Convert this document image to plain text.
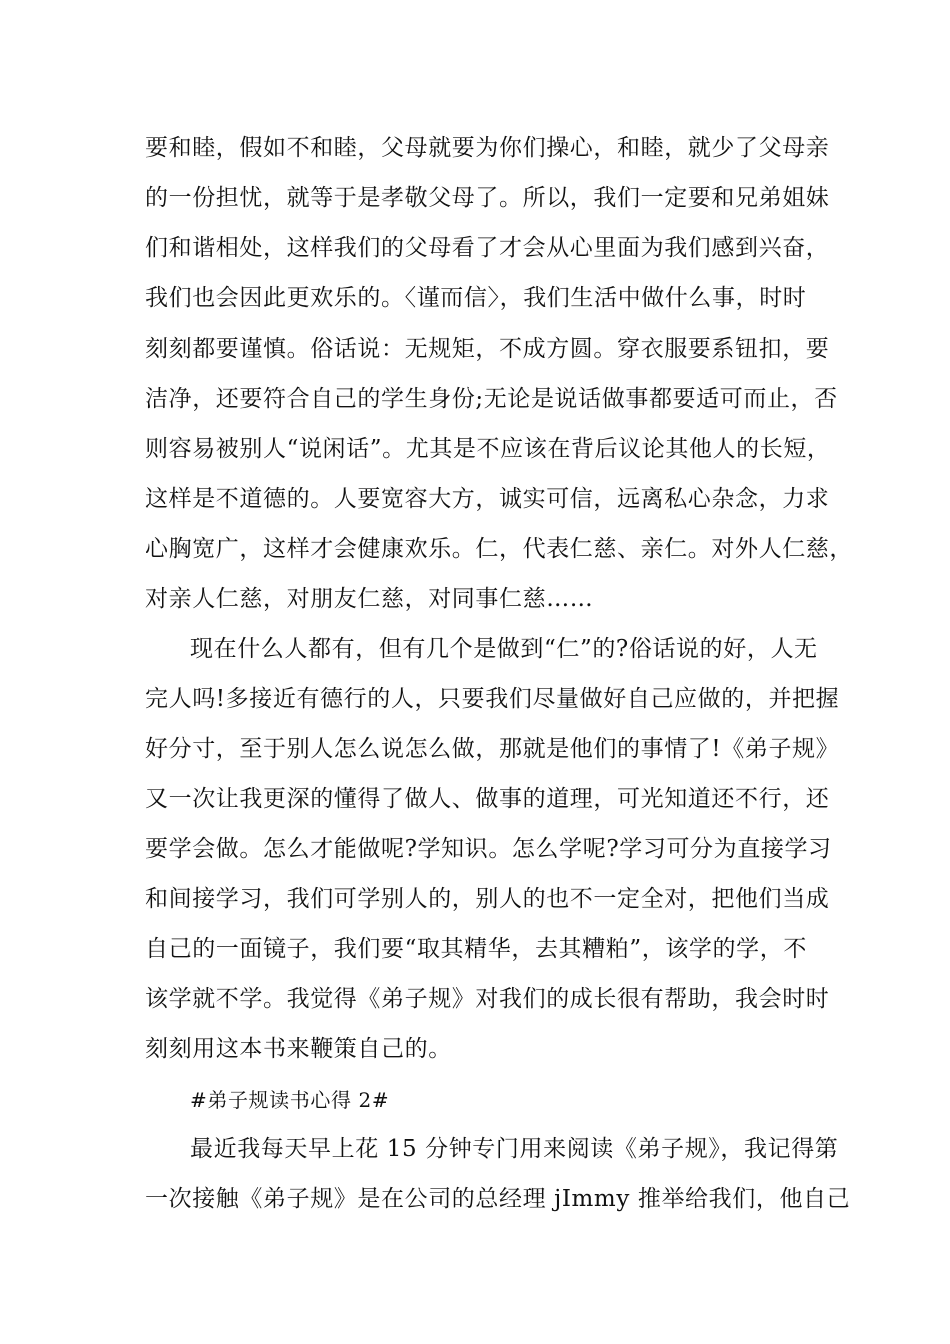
要和睦，假如不和睦，父母就要为你们操心，和睦，就少了父母亲
的一份担忧，就等于是孝敬父母了。所以，我们一定要和兄弟姐妹
们和谐相处，这样我们的父母看了才会从心里面为我们感到兴奋，
我们也会因此更欢乐的。〈谨而信〉，我们生活中做什么事，时时
刻刻都要谨慎。俗话说：无规矩，不成方圆。穿衣服要系钮扣，要
洁净，还要符合自己的学生身份;无论是说话做事都要适可而止，否
则容易被别人“说闲话”。尤其是不应该在背后议论其他人的长短，
这样是不道德的。人要宽容大方，诚实可信，远离私心杂念，力求
心胸宽广，这样才会健康欢乐。仁，代表仁慈、亲仁。对外人仁慈，
对亲人仁慈，对朋友仁慈，对同事仁慈……
现在什么人都有，但有几个是做到“仁”的?俗话说的好，人无
完人吗!多接近有德行的人，只要我们尽量做好自己应做的，并把握
好分寸，至于别人怎么说怎么做，那就是他们的事情了!《弟子规》
又一次让我更深的懂得了做人、做事的道理，可光知道还不行，还
要学会做。怎么才能做呢?学知识。怎么学呢?学习可分为直接学习
和间接学习，我们可学别人的，别人的也不一定全对，把他们当成
自己的一面镜子，我们要“取其精华，去其糟粕”，该学的学，不
该学就不学。我觉得《弟子规》对我们的成长很有帮助，我会时时
刻刻用这本书来鞭策自己的。
#弟子规读书心得 2#
最近我每天早上花 15 分钟专门用来阅读《弟子规》，我记得第
一次接触《弟子规》是在公司的总经理 jImmy 推举给我们，他自己
